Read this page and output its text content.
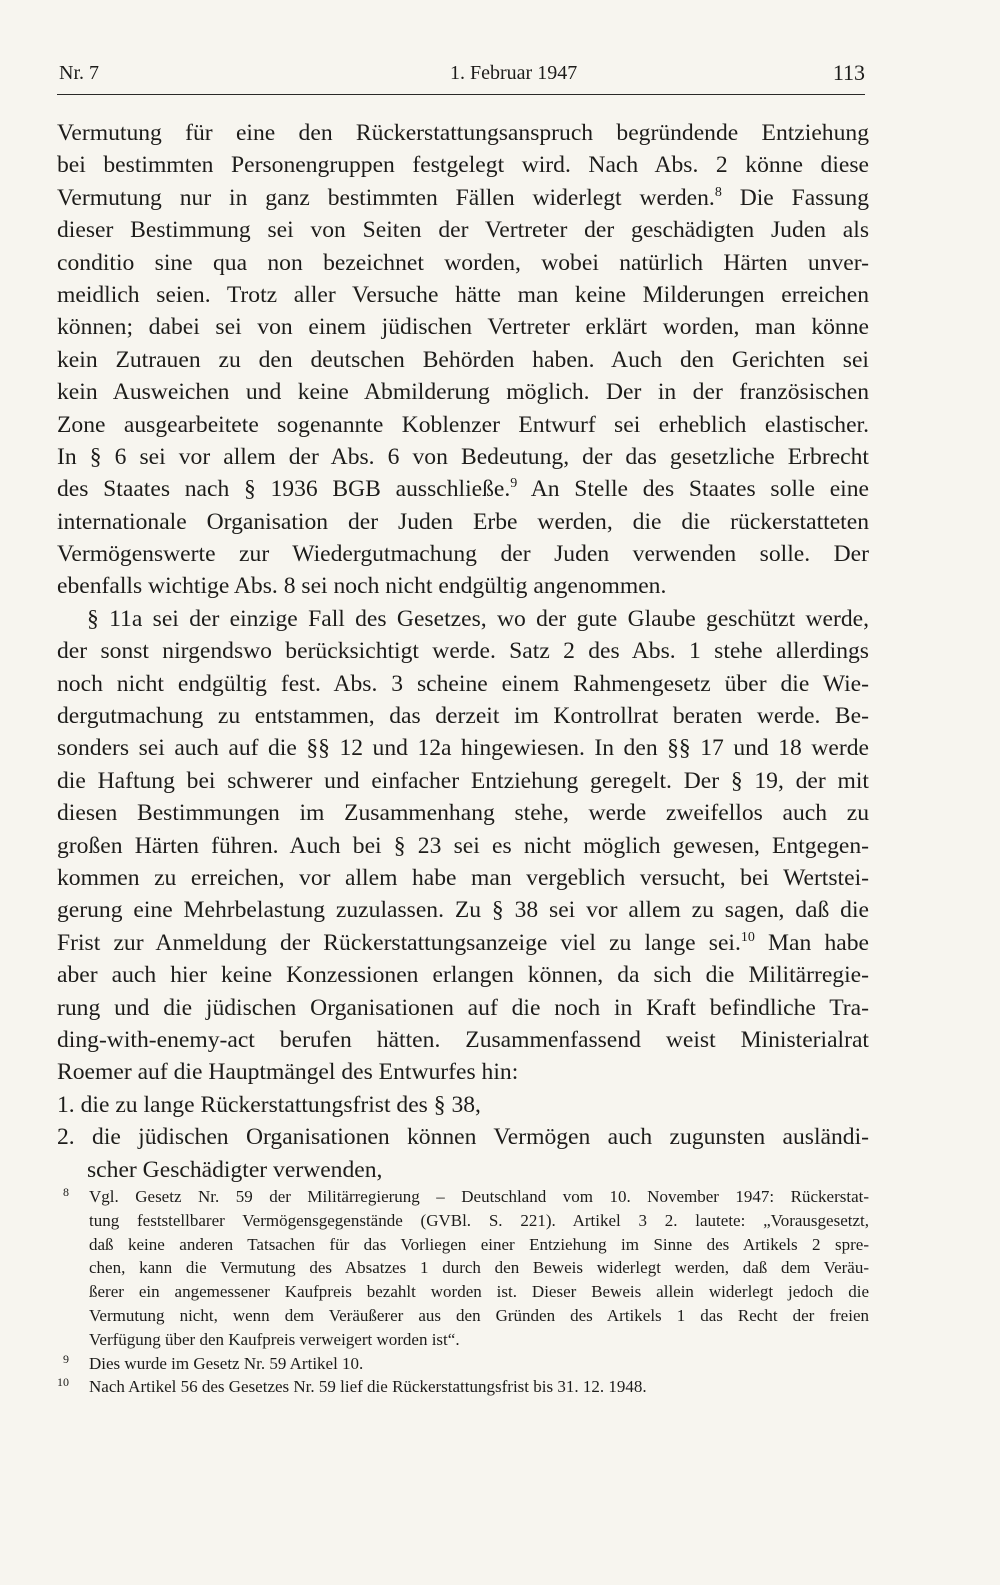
Nr. 7	1. Februar 1947	113
Vermutung für eine den Rückerstattungsanspruch begründende Entziehung
bei bestimmten Personengruppen festgelegt wird. Nach Abs. 2 könne diese
Vermutung nur in ganz bestimmten Fällen widerlegt werden.$^8$ Die Fassung
dieser Bestimmung sei von Seiten der Vertreter der geschädigten Juden als
conditio sine qua non bezeichnet worden, wobei natürlich Härten unver-
meidlich seien. Trotz aller Versuche hätte man keine Milderungen erreichen
können; dabei sei von einem jüdischen Vertreter erklärt worden, man könne
kein Zutrauen zu den deutschen Behörden haben. Auch den Gerichten sei
kein Ausweichen und keine Abmilderung möglich. Der in der französischen
Zone ausgearbeitete sogenannte Koblenzer Entwurf sei erheblich elastischer.
In § 6 sei vor allem der Abs. 6 von Bedeutung, der das gesetzliche Erbrecht
des Staates nach § 1936 BGB ausschließe.$^9$ An Stelle des Staates solle eine
internationale Organisation der Juden Erbe werden, die die rückerstatteten
Vermögenswerte zur Wiedergutmachung der Juden verwenden solle. Der
ebenfalls wichtige Abs. 8 sei noch nicht endgültig angenommen.
§ 11a sei der einzige Fall des Gesetzes, wo der gute Glaube geschützt werde,
der sonst nirgendswo berücksichtigt werde. Satz 2 des Abs. 1 stehe allerdings
noch nicht endgültig fest. Abs. 3 scheine einem Rahmengesetz über die Wie-
dergutmachung zu entstammen, das derzeit im Kontrollrat beraten werde. Be-
sonders sei auch auf die §§ 12 und 12a hingewiesen. In den §§ 17 und 18 werde
die Haftung bei schwerer und einfacher Entziehung geregelt. Der § 19, der mit
diesen Bestimmungen im Zusammenhang stehe, werde zweifellos auch zu
großen Härten führen. Auch bei § 23 sei es nicht möglich gewesen, Entgegen-
kommen zu erreichen, vor allem habe man vergeblich versucht, bei Wertstei-
gerung eine Mehrbelastung zuzulassen. Zu § 38 sei vor allem zu sagen, daß die
Frist zur Anmeldung der Rückerstattungsanzeige viel zu lange sei.$^{10}$ Man habe
aber auch hier keine Konzessionen erlangen können, da sich die Militärregie-
rung und die jüdischen Organisationen auf die noch in Kraft befindliche Tra-
ding-with-enemy-act berufen hätten. Zusammenfassend weist Ministerialrat
Roemer auf die Hauptmängel des Entwurfes hin:
1. die zu lange Rückerstattungsfrist des § 38,
2. die jüdischen Organisationen können Vermögen auch zugunsten ausländi-
scher Geschädigter verwenden,
8 Vgl. Gesetz Nr. 59 der Militärregierung – Deutschland vom 10. November 1947: Rückerstat-
tung feststellbarer Vermögensgegenstände (GVBl. S. 221). Artikel 3 2. lautete: „Vorausgesetzt,
daß keine anderen Tatsachen für das Vorliegen einer Entziehung im Sinne des Artikels 2 spre-
chen, kann die Vermutung des Absatzes 1 durch den Beweis widerlegt werden, daß dem Veräu-
ßerer ein angemessener Kaufpreis bezahlt worden ist. Dieser Beweis allein widerlegt jedoch die
Vermutung nicht, wenn dem Veräußerer aus den Gründen des Artikels 1 das Recht der freien
Verfügung über den Kaufpreis verweigert worden ist“.
9 Dies wurde im Gesetz Nr. 59 Artikel 10.
10 Nach Artikel 56 des Gesetzes Nr. 59 lief die Rückerstattungsfrist bis 31. 12. 1948.
